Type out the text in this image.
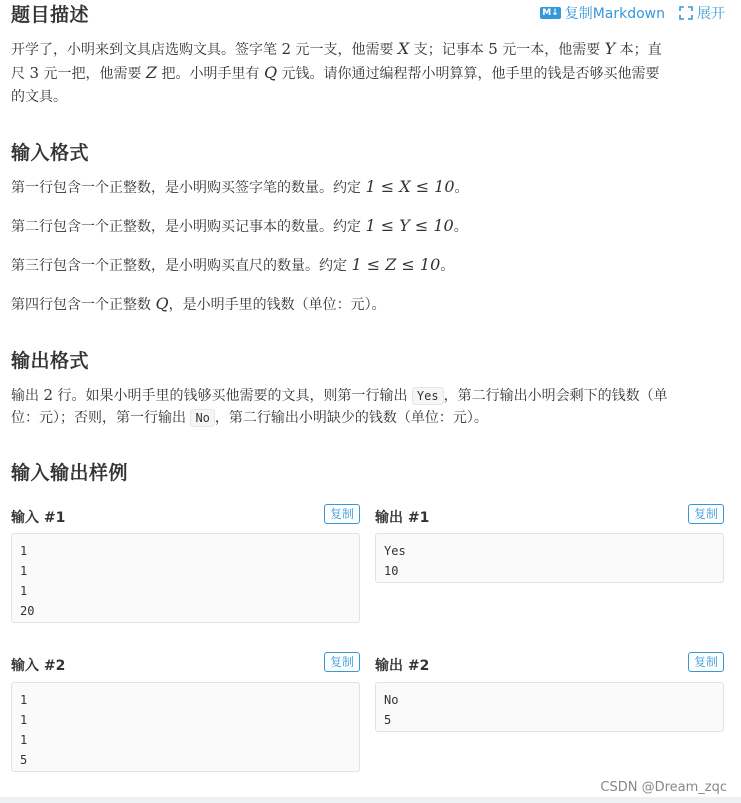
题目描述	M↓ 复制Markdown 展开
开学了，小明来到文具店选购文具。签字笔 2 元一支，他需要 X 支；记事本 5 元一本，他需要 Y 本；直
尺 3 元一把，他需要 Z 把。小明手里有 Q 元钱。请你通过编程帮小明算算，他手里的钱是否够买他需要
的文具。
输入格式
第一行包含一个正整数，是小明购买签字笔的数量。约定 1 ≤ X ≤ 10。
第二行包含一个正整数，是小明购买记事本的数量。约定 1 ≤ Y ≤ 10。
第三行包含一个正整数，是小明购买直尺的数量。约定 1 ≤ Z ≤ 10。
第四行包含一个正整数 Q，是小明手里的钱数（单位：元）。
输出格式
输出 2 行。如果小明手里的钱够买他需要的文具，则第一行输出 Yes ，第二行输出小明会剩下的钱数（单
位：元）；否则，第一行输出 No ，第二行输出小明缺少的钱数（单位：元）。
输入输出样例
输入 #1	复制
1
1
1
20
输出 #1	复制
Yes
10
输入 #2	复制
1
1
1
5
输出 #2	复制
No
5
CSDN @Dream_zqc
